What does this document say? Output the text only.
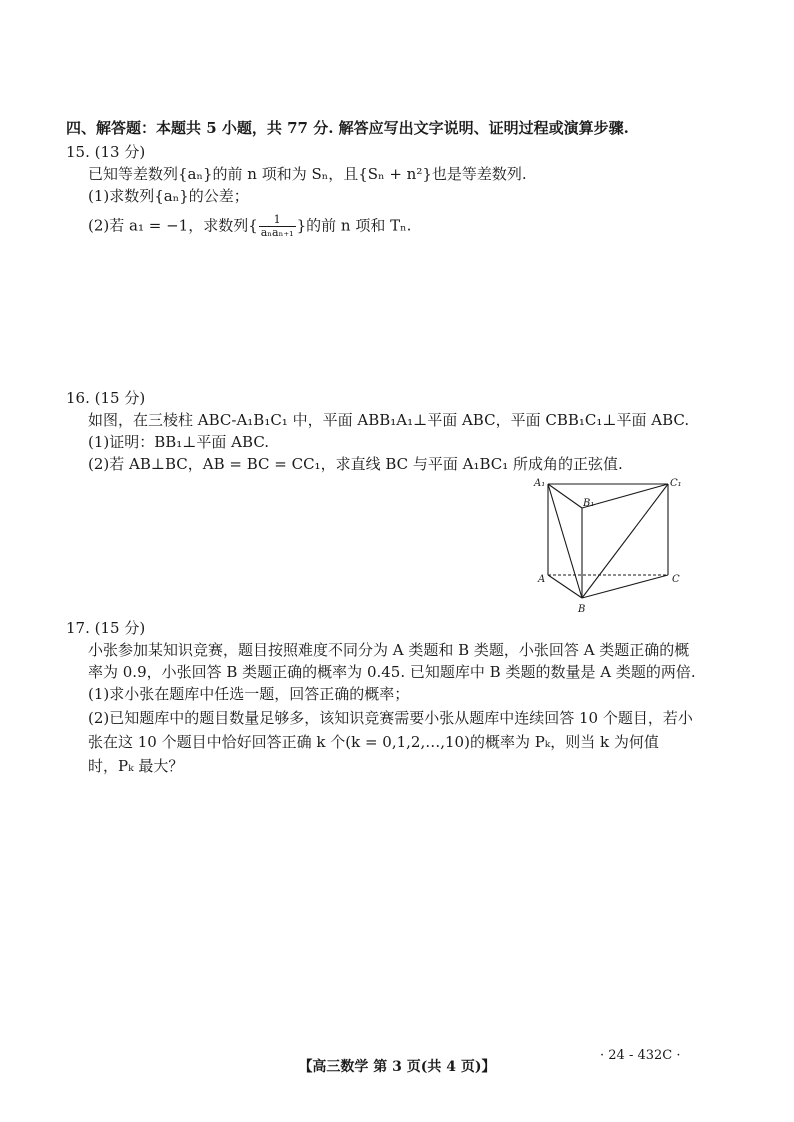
四、解答题：本题共 5 小题，共 77 分. 解答应写出文字说明、证明过程或演算步骤.
15. (13 分)
已知等差数列{aₙ}的前 n 项和为 Sₙ，且{Sₙ + n²}也是等差数列.
(1)求数列{aₙ}的公差；
(2)若 a₁ = −1，求数列{ $\frac{1}{\text{aₙaₙ₊₁}}$ }的前 n 项和 Tₙ.
16. (15 分)
如图，在三棱柱 ABC-A₁B₁C₁ 中，平面 ABB₁A₁⊥平面 ABC，平面 CBB₁C₁⊥平面 ABC.
(1)证明：BB₁⊥平面 ABC.
(2)若 AB⊥BC，AB = BC = CC₁，求直线 BC 与平面 A₁BC₁ 所成角的正弦值.
A₁
B₁
C₁
A
B
C
17. (15 分)
小张参加某知识竞赛，题目按照难度不同分为 A 类题和 B 类题，小张回答 A 类题正确的概
率为 0.9，小张回答 B 类题正确的概率为 0.45. 已知题库中 B 类题的数量是 A 类题的两倍.
(1)求小张在题库中任选一题，回答正确的概率；
(2)已知题库中的题目数量足够多，该知识竞赛需要小张从题库中连续回答 10 个题目，若小
张在这 10 个题目中恰好回答正确 k 个(k = 0,1,2,…,10)的概率为 Pₖ，则当 k 为何值
时，Pₖ 最大？
· 24 - 432C ·
【高三数学 第 3 页(共 4 页)】
